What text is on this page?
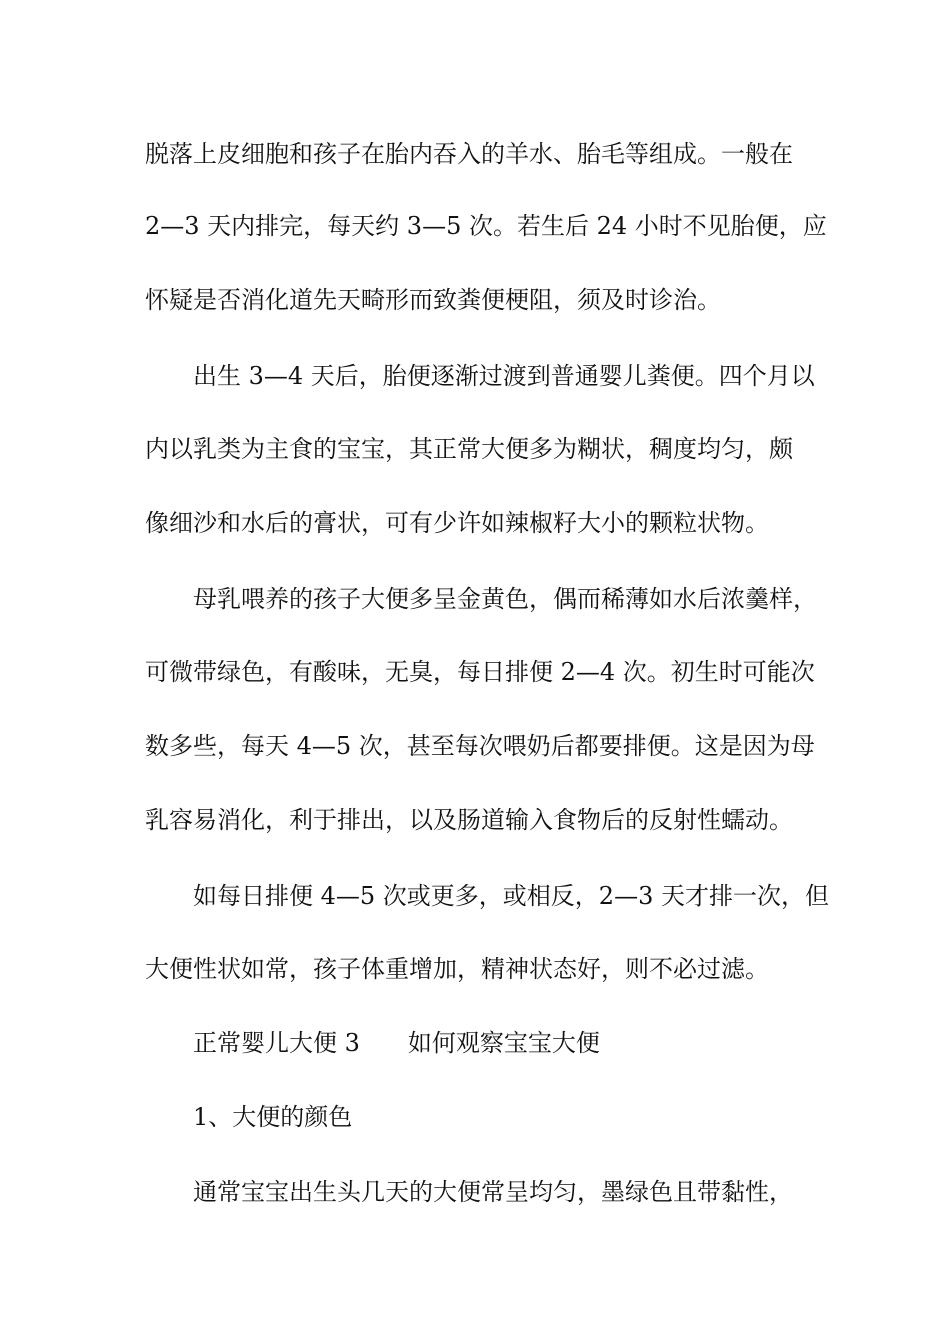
脱落上皮细胞和孩子在胎内吞入的羊水、胎毛等组成。一般在

2—3 天内排完，每天约 3—5 次。若生后 24 小时不见胎便，应

怀疑是否消化道先天畸形而致粪便梗阻，须及时诊治。

出生 3—4 天后，胎便逐渐过渡到普通婴儿粪便。四个月以

内以乳类为主食的宝宝，其正常大便多为糊状，稠度均匀，颇

像细沙和水后的膏状，可有少许如辣椒籽大小的颗粒状物。

母乳喂养的孩子大便多呈金黄色，偶而稀薄如水后浓羹样，

可微带绿色，有酸味，无臭，每日排便 2—4 次。初生时可能次

数多些，每天 4—5 次，甚至每次喂奶后都要排便。这是因为母

乳容易消化，利于排出，以及肠道输入食物后的反射性蠕动。

如每日排便 4—5 次或更多，或相反，2—3 天才排一次，但

大便性状如常，孩子体重增加，精神状态好，则不必过滤。

正常婴儿大便 3　　如何观察宝宝大便

1、大便的颜色

通常宝宝出生头几天的大便常呈均匀，墨绿色且带黏性，
